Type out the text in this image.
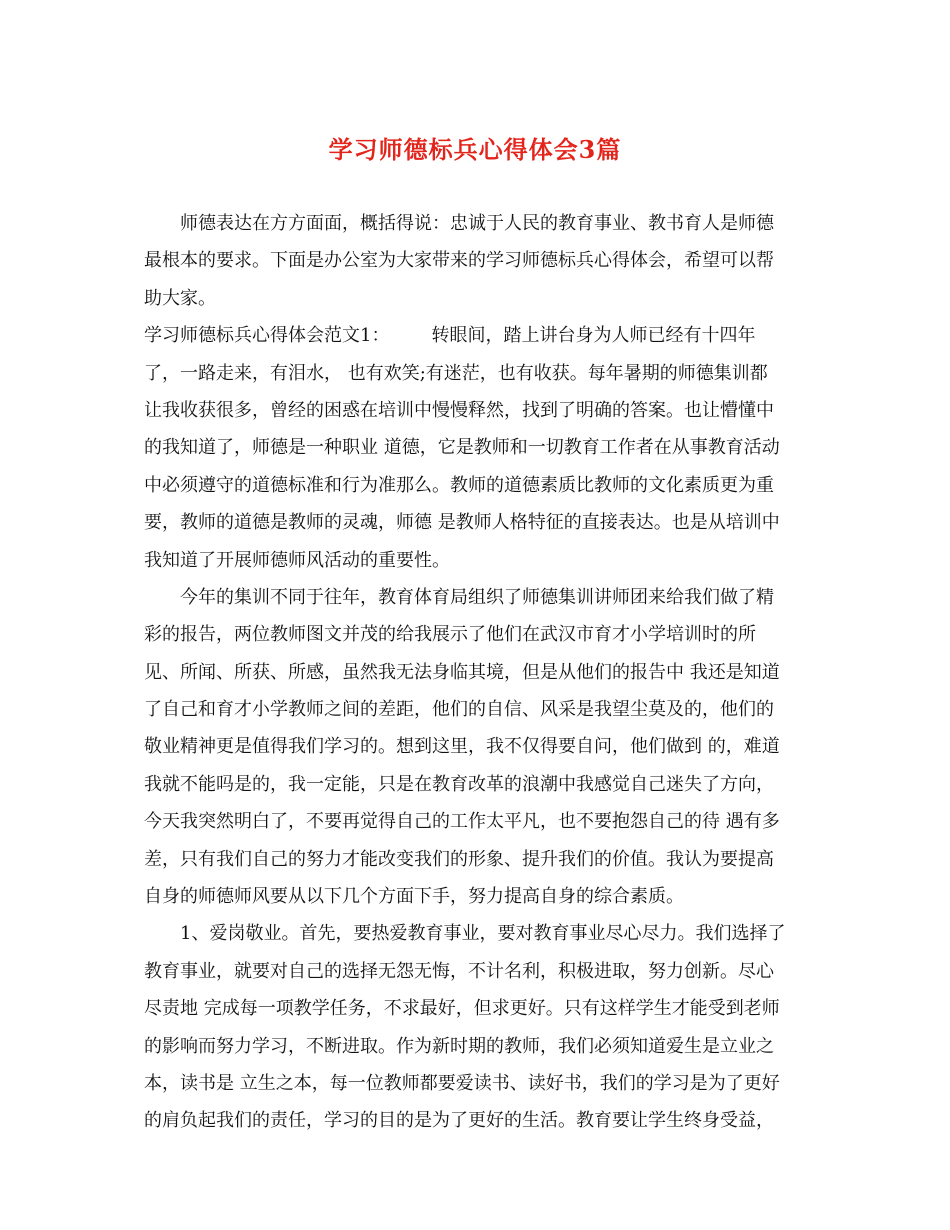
学习师德标兵心得体会3篇
师德表达在方方面面，概括得说：忠诚于人民的教育事业、教书育人是师德
最根本的要求。下面是办公室为大家带来的学习师德标兵心得体会，希望可以帮
助大家。
学习师德标兵心得体会范文1： 转眼间，踏上讲台身为人师已经有十四年
了，一路走来，有泪水， 也有欢笑;有迷茫，也有收获。每年暑期的师德集训都
让我收获很多，曾经的困惑在培训中慢慢释然，找到了明确的答案。也让懵懂中
的我知道了，师德是一种职业 道德，它是教师和一切教育工作者在从事教育活动
中必须遵守的道德标准和行为准那么。教师的道德素质比教师的文化素质更为重
要，教师的道德是教师的灵魂，师德 是教师人格特征的直接表达。也是从培训中
我知道了开展师德师风活动的重要性。
今年的集训不同于往年，教育体育局组织了师德集训讲师团来给我们做了精
彩的报告，两位教师图文并茂的给我展示了他们在武汉市育才小学培训时的所
见、所闻、所获、所感，虽然我无法身临其境，但是从他们的报告中 我还是知道
了自己和育才小学教师之间的差距，他们的自信、风采是我望尘莫及的，他们的
敬业精神更是值得我们学习的。想到这里，我不仅得要自问，他们做到 的，难道
我就不能吗是的，我一定能，只是在教育改革的浪潮中我感觉自己迷失了方向，
今天我突然明白了，不要再觉得自己的工作太平凡，也不要抱怨自己的待 遇有多
差，只有我们自己的努力才能改变我们的形象、提升我们的价值。我认为要提高
自身的师德师风要从以下几个方面下手，努力提高自身的综合素质。
1、爱岗敬业。首先，要热爱教育事业，要对教育事业尽心尽力。我们选择了
教育事业，就要对自己的选择无怨无悔，不计名利，积极进取，努力创新。尽心
尽责地 完成每一项教学任务，不求最好，但求更好。只有这样学生才能受到老师
的影响而努力学习，不断进取。作为新时期的教师，我们必须知道爱生是立业之
本，读书是 立生之本，每一位教师都要爱读书、读好书，我们的学习是为了更好
的肩负起我们的责任，学习的目的是为了更好的生活。教育要让学生终身受益，
